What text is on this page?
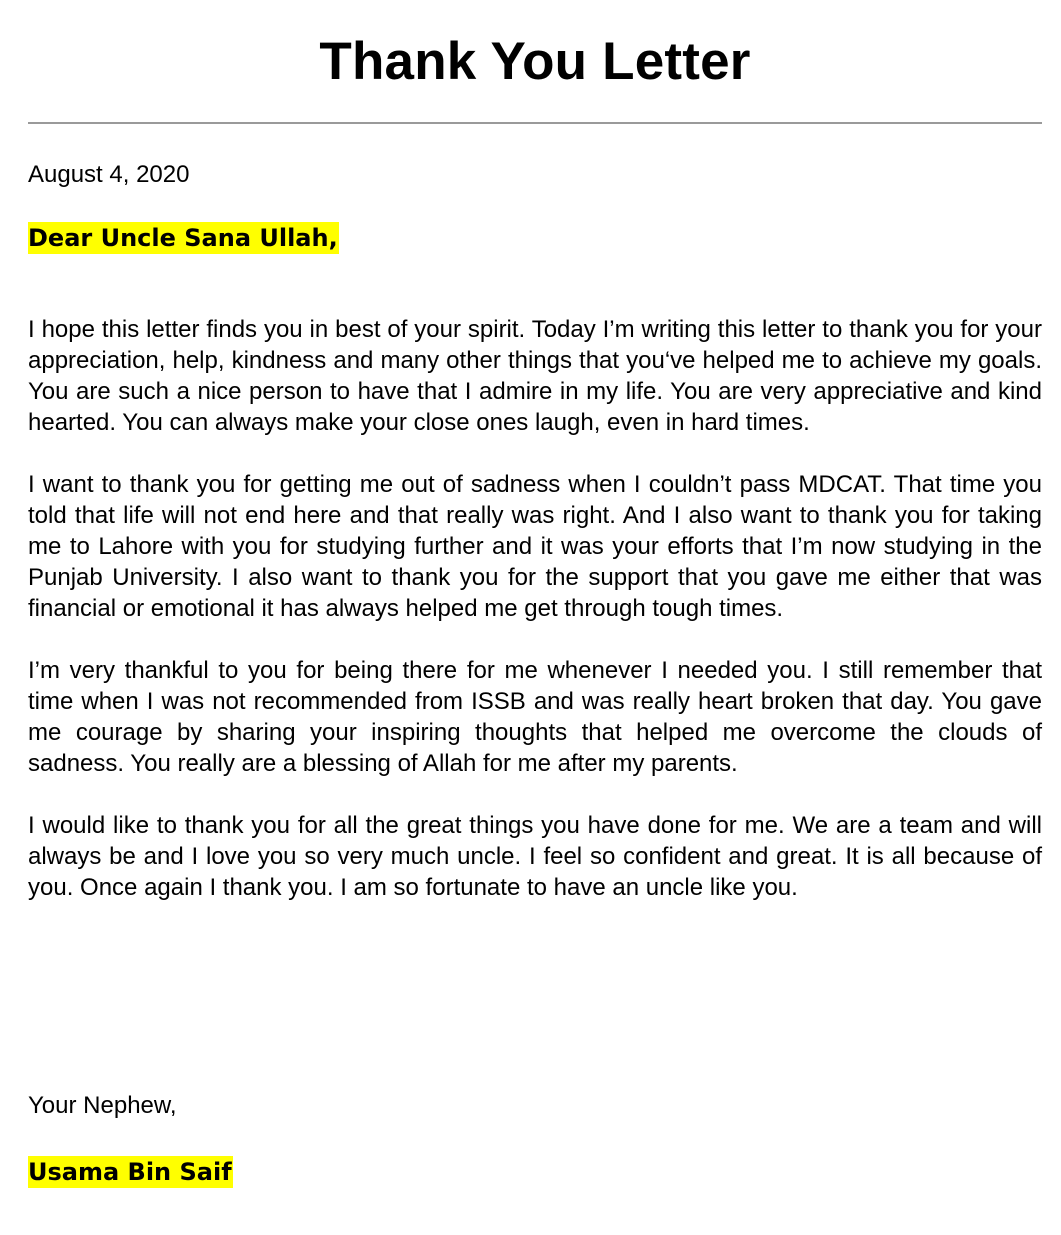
Thank You Letter
August 4, 2020
Dear Uncle Sana Ullah,

I hope this letter finds you in best of your spirit. Today I’m writing this letter to thank you for your appreciation, help, kindness and many other things that you‘ve helped me to achieve my goals. You are such a nice person to have that I admire in my life. You are very appreciative and kind hearted. You can always make your close ones laugh, even in hard times.

I want to thank you for getting me out of sadness when I couldn’t pass MDCAT. That time you told that life will not end here and that really was right. And I also want to thank you for taking me to Lahore with you for studying further and it was your efforts that I’m now studying in the Punjab University. I also want to thank you for the support that you gave me either that was financial or emotional it has always helped me get through tough times.

I’m very thankful to you for being there for me whenever I needed you. I still remember that time when I was not recommended from ISSB and was really heart broken that day. You gave me courage by sharing your inspiring thoughts that helped me overcome the clouds of sadness. You really are a blessing of Allah for me after my parents.

I would like to thank you for all the great things you have done for me. We are a team and will always be and I love you so very much uncle. I feel so confident and great. It is all because of you. Once again I thank you. I am so fortunate to have an uncle like you.

Your Nephew,
Usama Bin Saif
